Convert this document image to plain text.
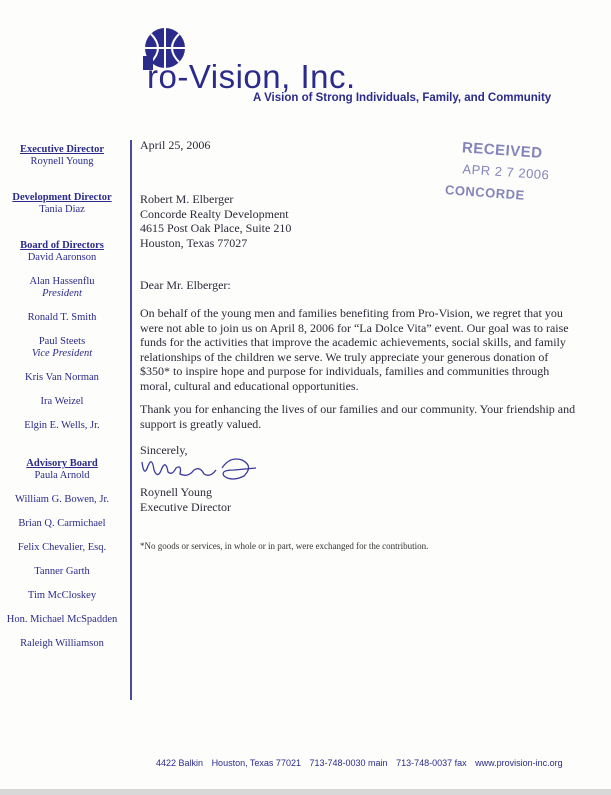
ro-Vision, Inc.
A Vision of Strong Individuals, Family, and Community
Executive Director
Roynell Young
Development Director
Tania Diaz
Board of Directors
David Aaronson
Alan Hassenflu
President
Ronald T. Smith
Paul Steets
Vice President
Kris Van Norman
Ira Weizel
Elgin E. Wells, Jr.
Advisory Board
Paula Arnold
William G. Bowen, Jr.
Brian Q. Carmichael
Felix Chevalier, Esq.
Tanner Garth
Tim McCloskey
Hon. Michael McSpadden
Raleigh Williamson
RECEIVED
APR 2 7 2006
CONCORDE
April 25, 2006
Robert M. Elberger
Concorde Realty Development
4615 Post Oak Place, Suite 210
Houston, Texas 77027
Dear Mr. Elberger:
On behalf of the young men and families benefiting from Pro-Vision, we regret that you were not able to join us on April 8, 2006 for “La Dolce Vita” event. Our goal was to raise funds for the activities that improve the academic achievements, social skills, and family relationships of the children we serve. We truly appreciate your generous donation of $350* to inspire hope and purpose for individuals, families and communities through moral, cultural and educational opportunities.
Thank you for enhancing the lives of our families and our community. Your friendship and support is greatly valued.
Sincerely,
Roynell Young
Executive Director
*No goods or services, in whole or in part, were exchanged for the contribution.
4422 Balkin Houston, Texas 77021 713-748-0030 main 713-748-0037 fax www.provision-inc.org
